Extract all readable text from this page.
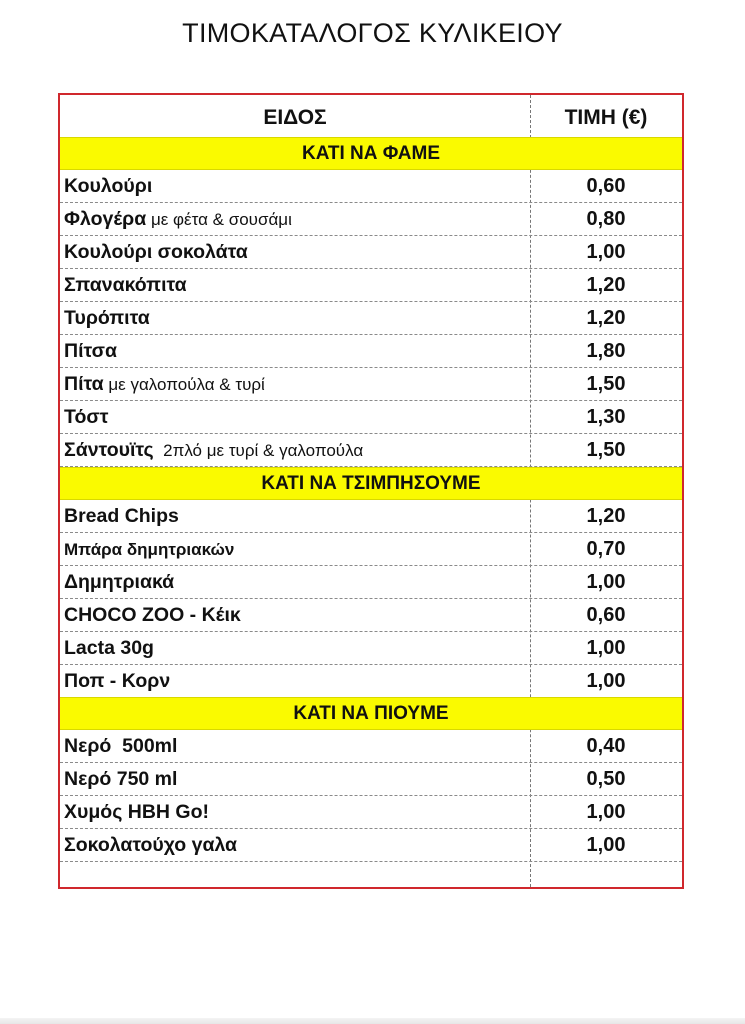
ΤΙΜΟΚΑΤΑΛΟΓΟΣ ΚΥΛΙΚΕΙΟΥ
ΕΙΔΟΣ	ΤΙΜΗ (€)
ΚΑΤΙ ΝΑ ΦΑΜΕ
Κουλούρι	0,60
Φλογέρα με φέτα & σουσάμι	0,80
Κουλούρι σοκολάτα	1,00
Σπανακόπιτα	1,20
Τυρόπιτα	1,20
Πίτσα	1,80
Πίτα με γαλοπούλα & τυρί	1,50
Τόστ	1,30
Σάντουϊτς  2πλό με τυρί & γαλοπούλα	1,50
ΚΑΤΙ ΝΑ ΤΣΙΜΠΗΣΟΥΜΕ
Bread Chips	1,20
Μπάρα δημητριακών	0,70
Δημητριακά	1,00
CHOCO ZOO - Κέικ	0,60
Lacta 30g	1,00
Ποπ - Κορν	1,00
ΚΑΤΙ ΝΑ ΠΙΟΥΜΕ
Νερό  500ml	0,40
Νερό 750 ml	0,50
Χυμός ΗΒΗ Go!	1,00
Σοκολατούχο γαλα	1,00
